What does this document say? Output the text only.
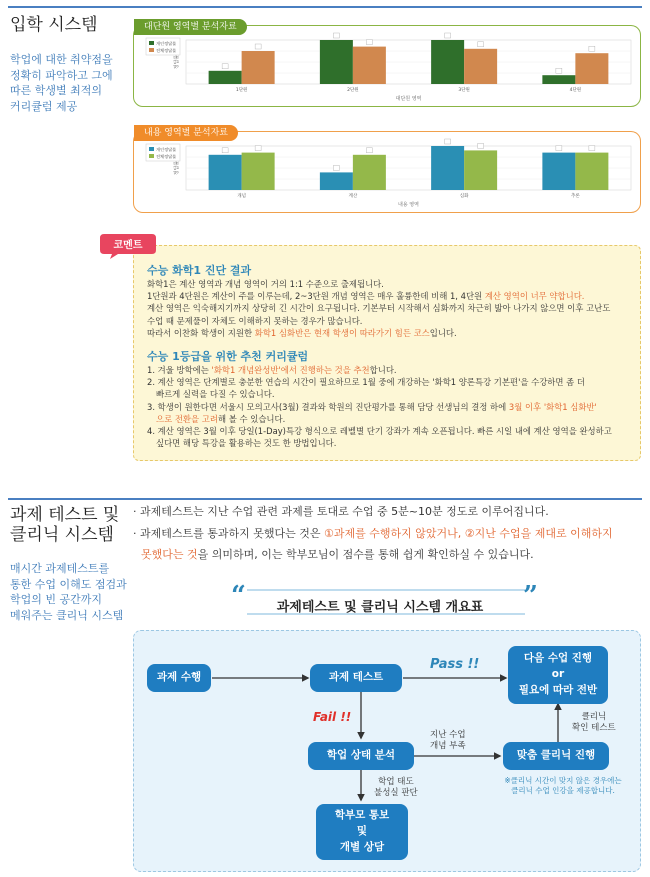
입학 시스템
학업에 대한 취약점을
정확히 파악하고 그에
따른 학생별 최적의
커리큘럼 제공
대단원 영역별 분석자료
정답률
개인정답률
전체정답률
1단원	2단원	3단원	4단원
대단원 영역
내용 영역별 분석자료
정답률
개인정답률
전체정답률
개념	계산	심화	추론
내용 영역
코멘트
수능 화학1 진단 결과
화학1은 계산 영역과 개념 영역이 거의 1:1 수준으로 출제됩니다.
1단원과 4단원은 계산이 주를 이루는데, 2~3단원 개념 영역은 매우 훌륭한데 비해 1, 4단원 계산 영역이 너무 약합니다.
계산 영역은 익숙해지기까지 상당히 긴 시간이 요구됩니다. 기본부터 시작해서 심화까지 차근히 밟아 나가지 않으면 이후 고난도
수업 때 문제풀이 자체도 이해하지 못하는 경우가 많습니다.
따라서 이찬화 학생이 지원한 화학1 심화반은 현재 학생이 따라가기 힘든 코스입니다.
수능 1등급을 위한 추천 커리큘럼
1. 겨울 방학에는 '화학1 개념완성반'에서 진행하는 것을 추천합니다.
2. 계산 영역은 단계별로 충분한 연습의 시간이 필요하므로 1월 중에 개강하는 '화학1 양론특강 기본편'을 수강하면 좀 더
빠르게 실력을 다질 수 있습니다.
3. 학생이 원한다면 서울시 모의고사(3월) 결과와 학원의 진단평가를 통해 담당 선생님의 결정 하에 3월 이후 '화학1 심화반'
으로 전환을 고려해 볼 수 있습니다.
4. 계산 영역은 3월 이후 당일(1-Day)특강 형식으로 레벨별 단기 강좌가 계속 오픈됩니다. 빠른 시일 내에 계산 영역을 완성하고
싶다면 해당 특강을 활용하는 것도 한 방법입니다.
과제 테스트 및
클리닉 시스템
매시간 과제테스트를
통한 수업 이해도 점검과
학업의 빈 공간까지
메워주는 클리닉 시스템
· 과제테스트는 지난 수업 관련 과제를 토대로 수업 중 5분~10분 정도로 이루어집니다.
· 과제테스트를 통과하지 못했다는 것은 ①과제를 수행하지 않았거나, ②지난 수업을 제대로 이해하지
못했다는 것을 의미하며, 이는 학부모님이 점수를 통해 쉽게 확인하실 수 있습니다.
“	”
과제테스트 및 클리닉 시스템 개요표
과제 수행	과제 테스트
다음 수업 진행
or
필요에 따라 전반
학업 상태 분석	맞춤 클리닉 진행
학부모 통보
및
개별 상담
Pass !!
Fail !!
지난 수업
개념 부족
학업 태도
불성실 판단
클리닉
확인 테스트
※클리닉 시간이 맞지 않은 경우에는
클리닉 수업 인강을 제공합니다.
